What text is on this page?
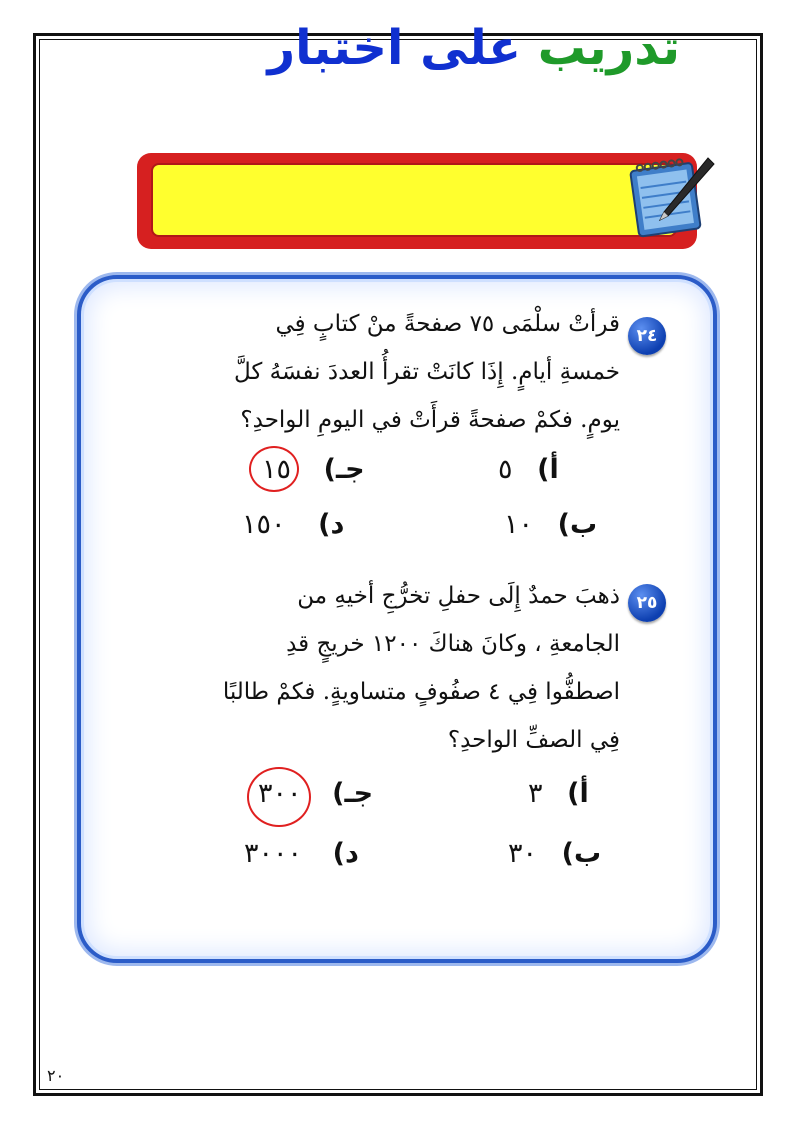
تدريب على اختبار
٢٤
قرأتْ سلْمَى ٧٥ صفحةً منْ كتابٍ فِي
خمسةِ أيامٍ. إِذَا كانَتْ تقرأُ العددَ نفسَهُ كلَّ
يومٍ. فكمْ صفحةً قرأَتْ في اليومِ الواحدِ؟
أ) ٥
ب) ١٠
جـ) ١٥
د) ١٥٠
٢٥
ذهبَ حمدٌ إِلَى حفلِ تخرُّجِ أخيهِ من
الجامعةِ ، وكانَ هناكَ ١٢٠٠ خريجٍ قدِ
اصطفُّوا فِي ٤ صفُوفٍ متساويةٍ. فكمْ طالبًا
فِي الصفِّ الواحدِ؟
أ) ٣
ب) ٣٠
جـ) ٣٠٠
د) ٣٠٠٠
٢٠
